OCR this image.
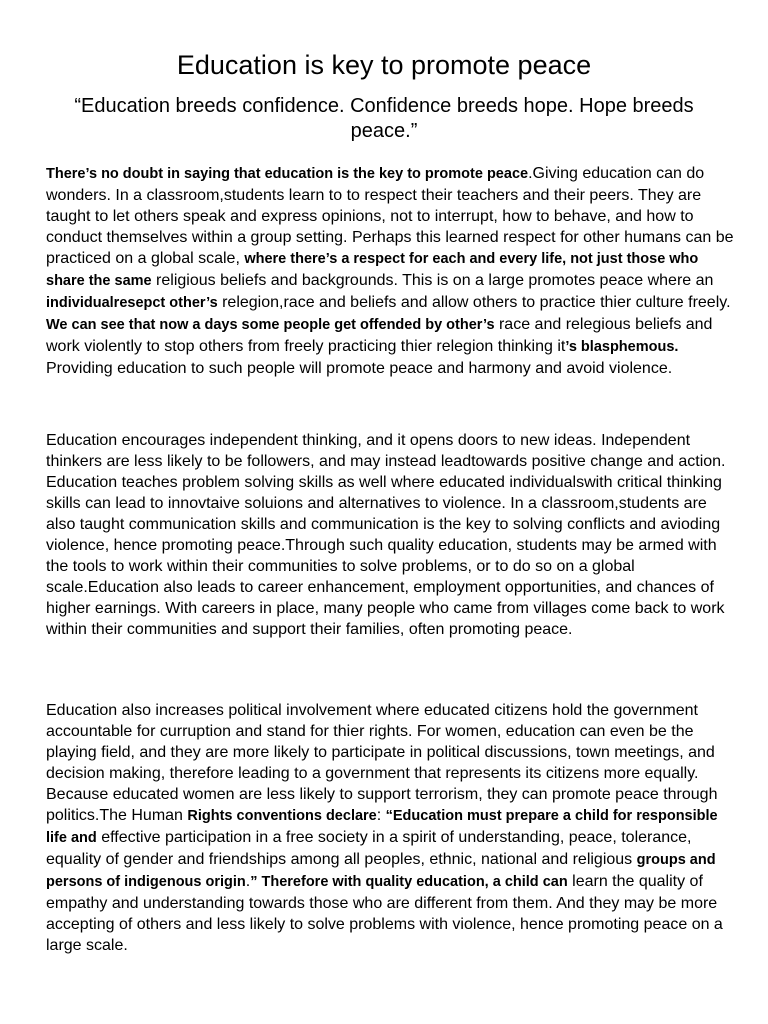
Education is key to promote peace

“Education breeds confidence. Confidence breeds hope. Hope breeds peace.”

There’s no doubt in saying that education is the key to promote peace.Giving education can do wonders. In a classroom,students learn to to respect their teachers and their peers. They are taught to let others speak and express opinions, not to interrupt, how to behave, and how to conduct themselves within a group setting. Perhaps this learned respect for other humans can be practiced on a global scale, where there’s a respect for each and every life, not just those who share the same religious beliefs and backgrounds. This is on a large promotes peace where an individualresepct other’s relegion,race and beliefs and allow others to practice thier culture freely. We can see that now a days some people get offended by other’s race and relegious beliefs and work violently to stop others from freely practicing thier relegion thinking it’s blasphemous. Providing education to such people will promote peace and harmony and avoid violence.

Education encourages independent thinking, and it opens doors to new ideas. Independent thinkers are less likely to be followers, and may instead leadtowards positive change and action. Education teaches problem solving skills as well where educated individualswith critical thinking skills can lead to innovtaive soluions and alternatives to violence. In a classroom,students are also taught communication skills and communication is the key to solving conflicts and avioding violence, hence promoting peace.Through such quality education, students may be armed with the tools to work within their communities to solve problems, or to do so on a global scale.Education also leads to career enhancement, employment opportunities, and chances of higher earnings. With careers in place, many people who came from villages come back to work within their communities and support their families, often promoting peace.

Education also increases political involvement where educated citizens hold the government accountable for curruption and stand for thier rights. For women, education can even be the playing field, and they are more likely to participate in political discussions, town meetings, and decision making, therefore leading to a government that represents its citizens more equally. Because educated women are less likely to support terrorism, they can promote peace through politics.The Human Rights conventions declare: “Education must prepare a child for responsible life and effective participation in a free society in a spirit of understanding, peace, tolerance, equality of gender and friendships among all peoples, ethnic, national and religious groups and persons of indigenous origin.” Therefore with quality education, a child can learn the quality of empathy and understanding towards those who are different from them. And they may be more accepting of others and less likely to solve problems with violence, hence promoting peace on a large scale.
